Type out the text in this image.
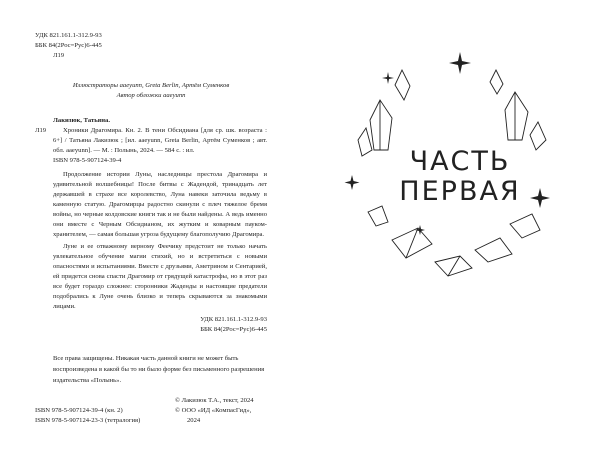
УДК 821.161.1-312.9-93
ББК 84(2Рос=Рус)6-445
Л19
Иллюстраторы aaeyunn, Greta Berlin, Артём Суменков
Автор обложки aaeyunn
Лакизюк, Татьяна.
Л19	Хроники Драгомира. Кн. 2. В тени Обсидиана [для ср. шк. возраста : 6+] / Татьяна Лакизюк ; [ил. aaeyunn, Greta Berlin, Артём Суменков ; авт. обл. aaeyunn]. — М. : Полынь, 2024. — 584 с. : ил.

ISBN 978-5-907124-39-4

Продолжение истории Луны, наследницы престола Драгомира и удивительной волшебницы! После битвы с Жадендой, тринадцать лет державшей в страхе все королевство, Луна навеки заточила ведьму в каменную статую. Драгомирцы радостно скинули с плеч тяжелое бремя войны, но черные колдовские книги так и не были найдены. А ведь именно они вместе с Черным Обсидианом, их жутким и коварным пауком-хранителем, — самая большая угроза будущему благополучию Драгомира.

Луне и ее отважному верному Феечику предстоит не только начать увлекательное обучение магии стихий, но и встретиться с новыми опасностями и испытаниями. Вместе с друзьями, Аметрином и Сентарией, ей придется снова спасти Драгомир от грядущей катастрофы, но в этот раз все будет гораздо сложнее: сторонники Жаденды и настоящие предатели подобрались к Луне очень близко и теперь скрываются за знакомыми лицами.

УДК 821.161.1-312.9-93
ББК 84(2Рос=Рус)6-445
Все права защищены. Никакая часть данной книги не может быть воспроизведена в какой бы то ни было форме без письменного разрешения издательства «Полынь».
ISBN 978-5-907124-39-4 (кн. 2)
ISBN 978-5-907124-23-3 (тетралогия)
© Лакизюк Т.А., текст, 2024
© ООО «ИД «КомпасГид»,
2024
ЧАСТЬ
ПЕРВАЯ
